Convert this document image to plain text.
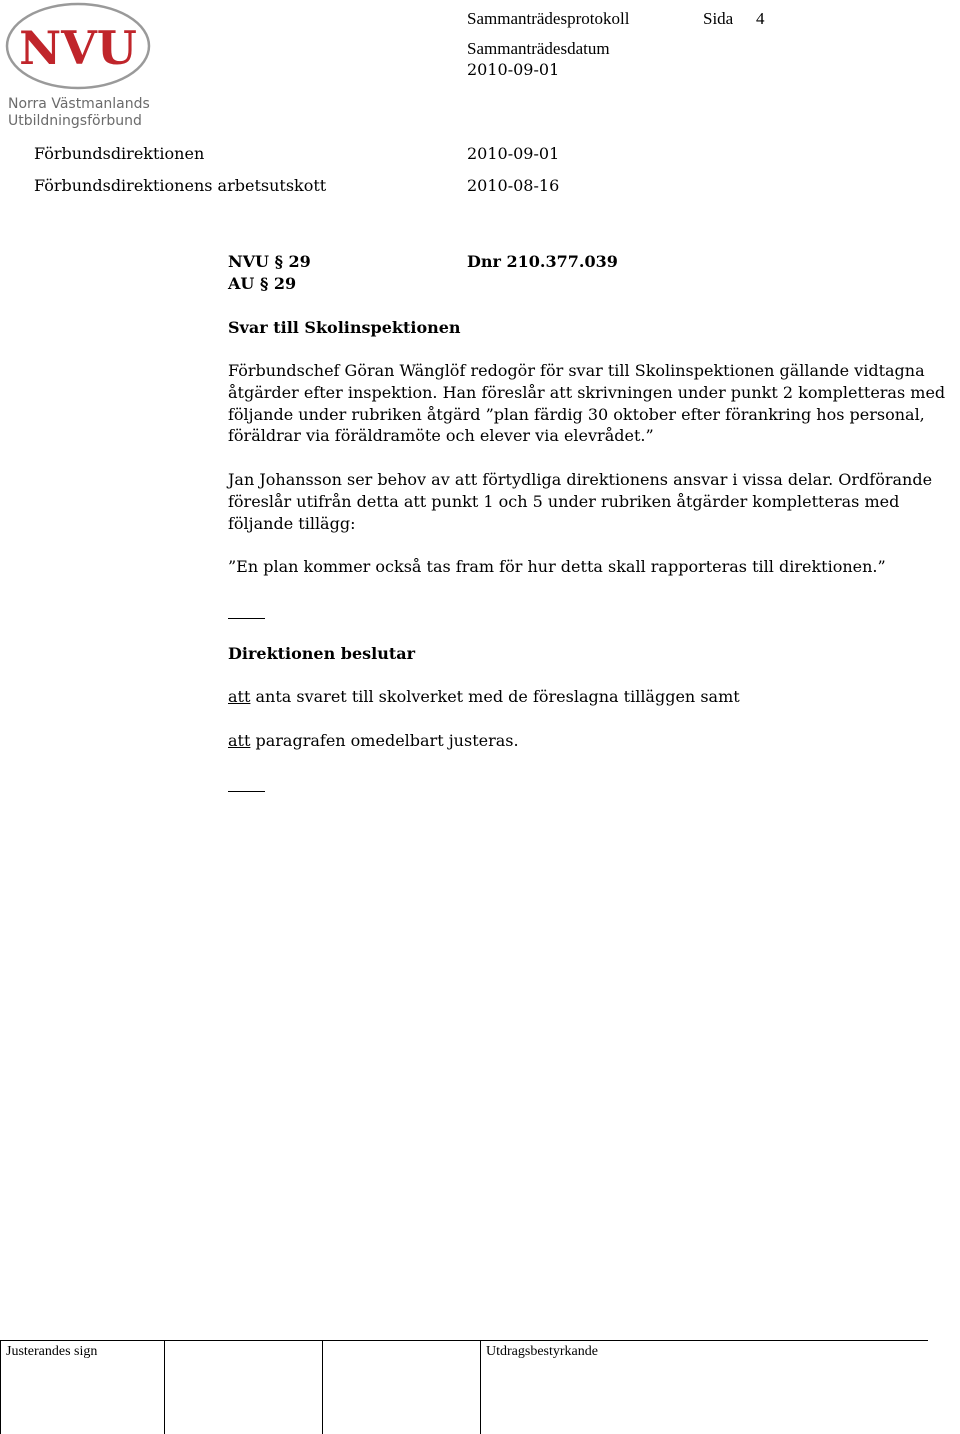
NVU
Norra Västmanlands
Utbildningsförbund
Sammanträdesprotokoll	Sida 4
Sammanträdesdatum
2010-09-01
Förbundsdirektionen	2010-09-01
Förbundsdirektionens arbetsutskott	2010-08-16
NVU § 29	Dnr 210.377.039
AU § 29
Svar till Skolinspektionen

Förbundschef Göran Wänglöf redogör för svar till Skolinspektionen gällande vidtagna åtgärder efter inspektion. Han föreslår att skrivningen under punkt 2 kompletteras med följande under rubriken åtgärd ”plan färdig 30 oktober efter förankring hos personal, föräldrar via föräldramöte och elever via elevrådet.”

Jan Johansson ser behov av att förtydliga direktionens ansvar i vissa delar. Ordförande föreslår utifrån detta att punkt 1 och 5 under rubriken åtgärder kompletteras med följande tillägg:

”En plan kommer också tas fram för hur detta skall rapporteras till direktionen.”
Direktionen beslutar
att anta svaret till skolverket med de föreslagna tilläggen samt
att paragrafen omedelbart justeras.
Justerandes sign	Utdragsbestyrkande
